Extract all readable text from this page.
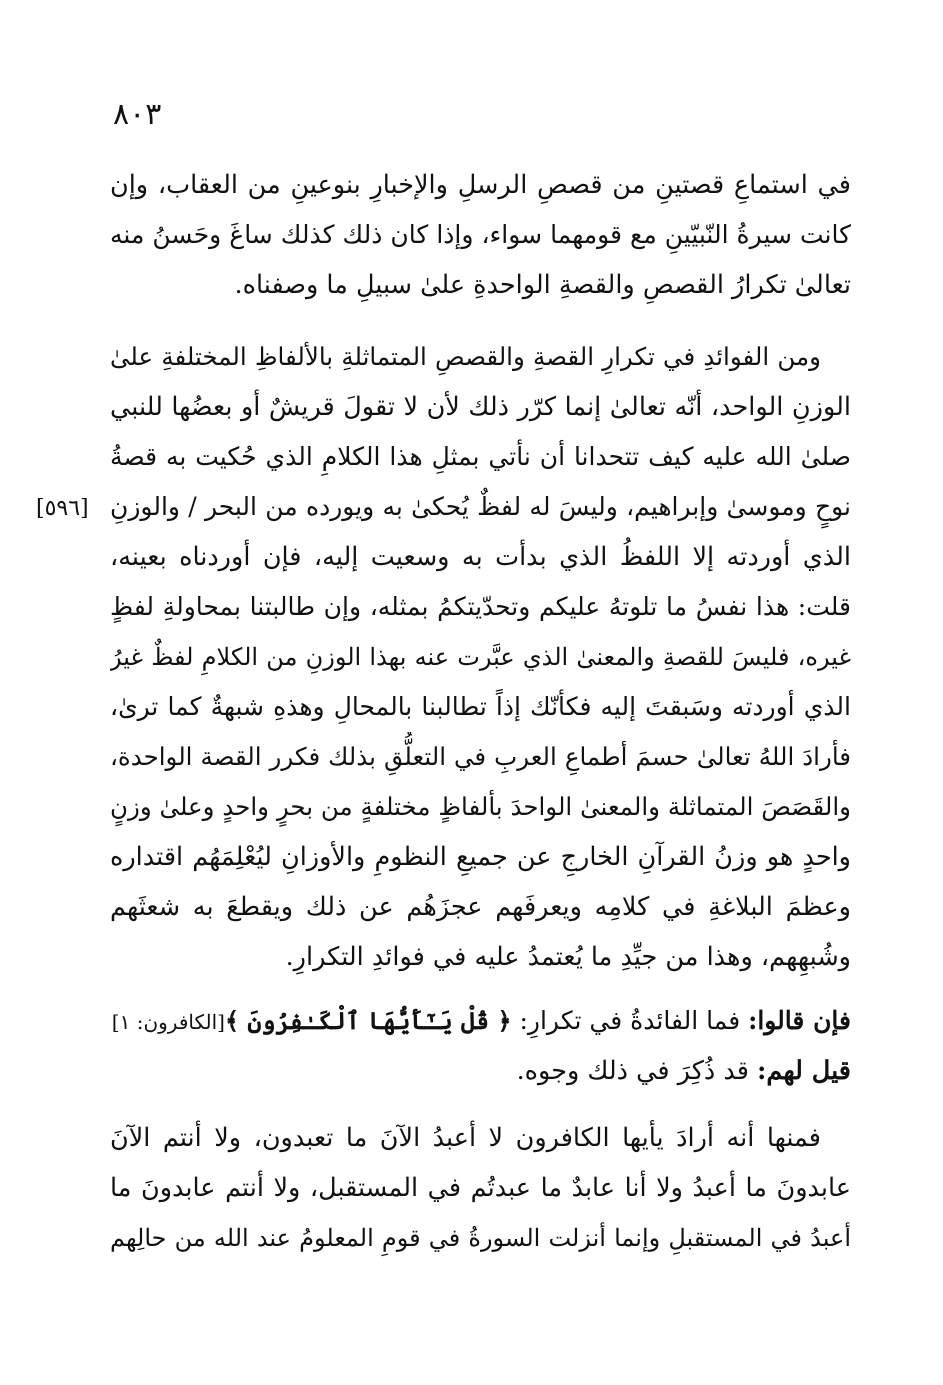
٨٠٣
[٥٩٦]
في استماعِ قصتينِ من قصصِ الرسلِ والإخبارِ بنوعينِ من العقاب، وإن
كانت سيرةُ النّبيّينِ مع قومهما سواء، وإذا كان ذلك كذلك ساغَ وحَسنُ منه
تعالىٰ تكرارُ القصصِ والقصةِ الواحدةِ علىٰ سبيلِ ما وصفناه.
ومن الفوائدِ في تكرارِ القصةِ والقصصِ المتماثلةِ بالألفاظِ المختلفةِ علىٰ
الوزنِ الواحد، أنّه تعالىٰ إنما كرّر ذلك لأن لا تقولَ قريشٌ أو بعضُها للنبي
صلىٰ الله عليه كيف تتحدانا أن نأتي بمثلِ هذا الكلامِ الذي حُكيت به قصةُ
نوحٍ وموسىٰ وإبراهيم، وليسَ له لفظٌ يُحكىٰ به ويورده من البحر / والوزنِ
الذي أوردته إلا اللفظُ الذي بدأت به وسعيت إليه، فإن أوردناه بعينه،
قلت: هذا نفسُ ما تلوتهُ عليكم وتحدّيتكمُ بمثله، وإن طالبتنا بمحاولةِ لفظٍ
غيره، فليسَ للقصةِ والمعنىٰ الذي عبَّرت عنه بهذا الوزنِ من الكلامِ لفظٌ غيرُ
الذي أوردته وسَبقتَ إليه فكأنّك إذاً تطالبنا بالمحالِ وهذهِ شبهةٌ كما ترىٰ،
فأرادَ اللهُ تعالىٰ حسمَ أطماعِ العربِ في التعلُّقِ بذلك فكرر القصة الواحدة،
والقَصَصَ المتماثلة والمعنىٰ الواحدَ بألفاظٍ مختلفةٍ من بحرٍ واحدٍ وعلىٰ وزنٍ
واحدٍ هو وزنُ القرآنِ الخارجِ عن جميعِ النظومِ والأوزانِ ليُعْلِمَهُم اقتداره
وعظمَ البلاغةِ في كلامِه ويعرفَهم عجزَهُم عن ذلك ويقطعَ به شعثَهم
وشُبهِهم، وهذا من جيِّدِ ما يُعتمدُ عليه في فوائدِ التكرارِ.
فإن قالوا: فما الفائدةُ في تكرارِ: ﴿ قُلْ يَـٰٓأَيُّهَا ٱلْكَـٰفِرُونَ ﴾[الكافرون: ١]
قيل لهم: قد ذُكِرَ في ذلك وجوه.
فمنها أنه أرادَ يأيها الكافرون لا أعبدُ الآنَ ما تعبدون، ولا أنتم الآنَ
عابدونَ ما أعبدُ ولا أنا عابدٌ ما عبدتُم في المستقبل، ولا أنتم عابدونَ ما
أعبدُ في المستقبلِ وإنما أنزلت السورةُ في قومِ المعلومُ عند الله من حالِهم
